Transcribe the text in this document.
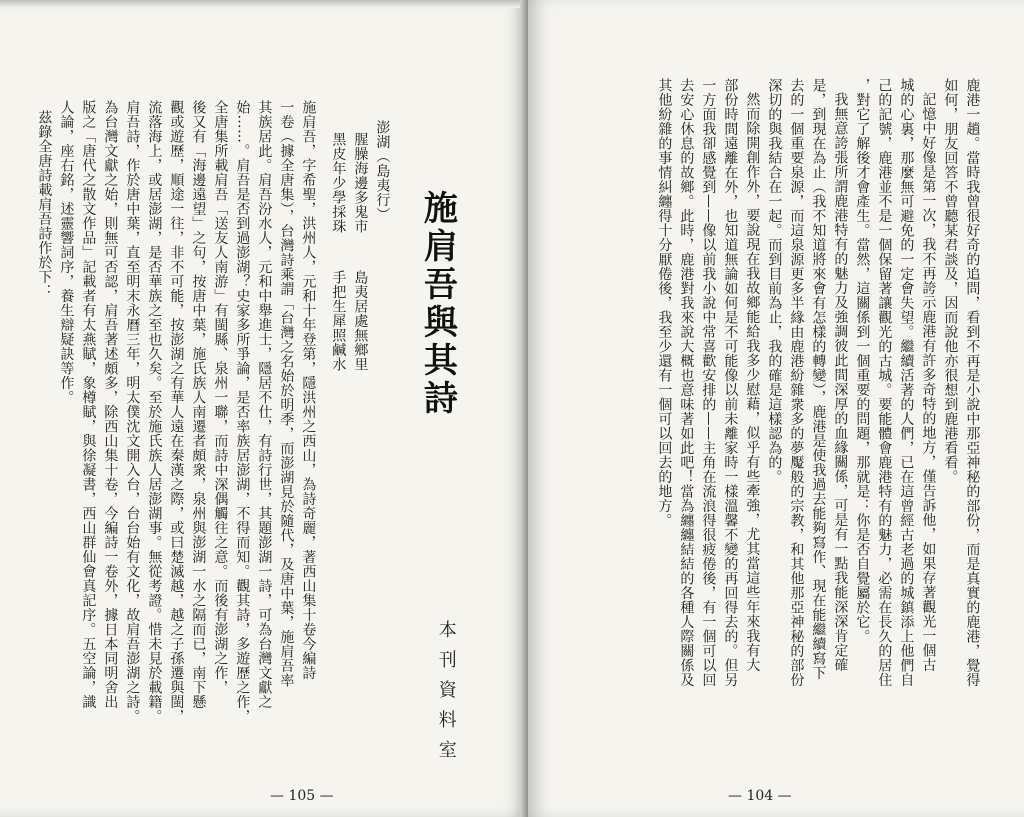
施肩吾與其詩
澎湖（島夷行）
腥臊海邊多鬼市
島夷居處無鄉里
黑皮年少學採珠
手把生犀照鹹水
施肩吾，字希聖，洪州人，元和十年登第，隱洪州之西山，為詩奇麗，著西山集十卷今編詩
一卷（據全唐集），台灣詩乘謂「台灣之名始於明季，而澎湖見於隨代，及唐中葉，施肩吾率
其族居此。肩吾汾水人，元和中舉進士，隱居不仕，有詩行世，其題澎湖一詩，可為台灣文獻之
始……。肩吾是否到過澎湖？史家多所爭論，是否率族居澎湖，不得而知。觀其詩，多遊歷之作，
全唐集所載肩吾「送友人南游」有閩縣、泉州一聯，而詩中深偶觸往之意。而後有澎湖之作，
後又有「海邊遠望」之句，按唐中葉，施氏族人南遷者頗衆，泉州與澎湖一水之隔而已，南下懸
觀或遊歷，順途一往，非不可能，按澎湖之有華人遠在秦漢之際，或曰楚滅越，越之子孫遷與閩，
流落海上，或居澎湖，是否華族之至也久矣。至於施氏族人居澎湖事。無從考證。惜未見於載籍。
肩吾詩，作於唐中葉，直至明末永曆三年，明太僕沈文開入台，台台始有文化，故肩吾澎湖之詩。
為台灣文獻之始，則無可否認，肩吾著述頗多，除西山集十卷，今編詩一卷外，據日本同明舍出
版之「唐代之散文作品」記載者有太燕賦，象樽賦，與徐凝書，西山群仙會真記序。五空論，識
人論，座右銘，述靈響詞序，養生辯疑訣等作。
茲錄全唐詩載肩吾詩作於下：
本刊資料室
— 105 —
鹿港一趟。當時我曾很好奇的追問，看到不再是小說中那亞神秘的部份，而是真實的鹿港，覺得
如何，朋友回答不曾聽某君談及，因而說他亦很想到鹿港看看。
記憶中好像是第一次，我不再誇示鹿港有許多奇特的地方，僅告訴他，如果存著觀光一個古
城的心裏，那麼無可避免的一定會失望。繼續活著的人們，已在這曾經古老過的城鎮添上他們自
己的記號，鹿港並不是一個保留著讓觀光的古城。要能體會鹿港特有的魅力，必需在長久的居住
，對它了解後才會產生。當然，這關係到一個重要的問題，那就是：你是否自覺屬於它。
我無意誇張所謂鹿港特有的魅力及強調彼此間深厚的血緣關係，可是有一點我能深深肯定確
是，到現在為止（我不知道將來會有怎樣的轉變），鹿港是使我過去能夠寫作、現在能繼續寫下
去的一個重要泉源，而這泉源更多半緣由鹿港紛雜衆多的夢魘般的宗教，和其他那亞神秘的部份
深切的與我結合在一起。而到目前為止，我的確是這樣認為的。
然而除開創作外，要說現在我故鄉能給我多少慰藉，似乎有些牽強，尤其當這些年來我有大
部份時間遠離在外，也知道無論如何是不可能像以前未離家時一樣溫馨不變的再回得去的。但另
一方面我卻感覺到——像以前我小說中常喜歡安排的——主角在流浪得很疲倦後，有一個可以回
去安心休息的故鄉。此時，鹿港對我來說大概也意味著如此吧！當為纏纏結結的各種人際關係及
其他紛雜的事情糾纏得十分厭倦後，我至少還有一個可以回去的地方。
— 104 —
